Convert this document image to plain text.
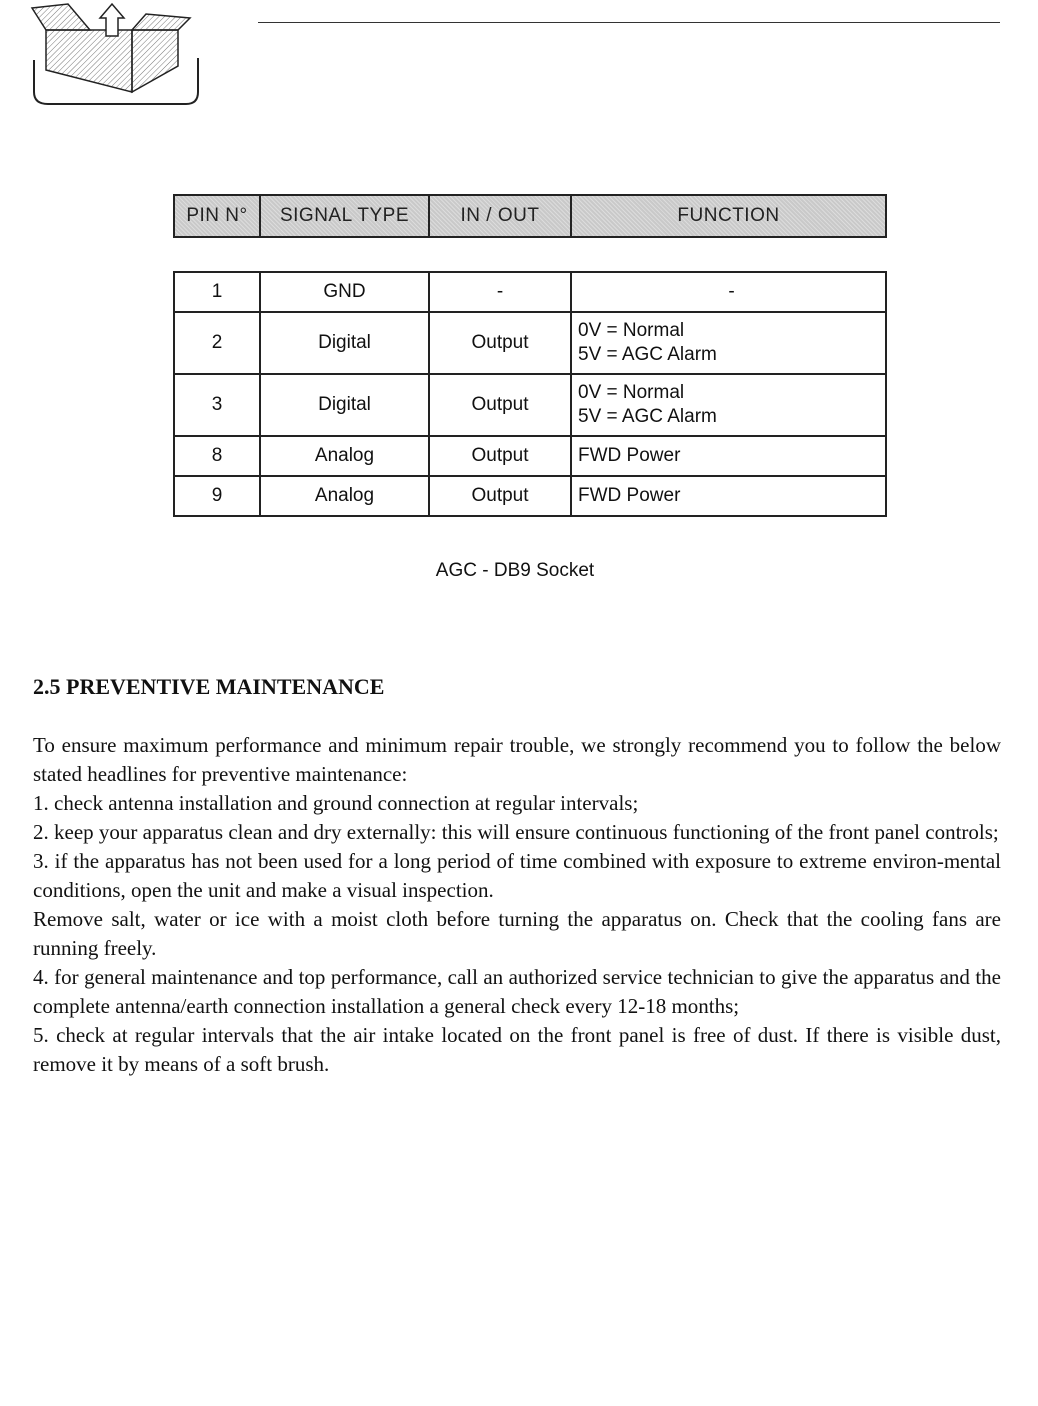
PIN N°	SIGNAL TYPE	IN / OUT	FUNCTION
1	GND	-	-

2	Digital	Output	0V = Normal
5V = AGC Alarm

3	Digital	Output	0V = Normal
5V = AGC Alarm

8	Analog	Output	FWD Power

9	Analog	Output	FWD Power
AGC - DB9 Socket
2.5 PREVENTIVE MAINTENANCE

To ensure maximum performance and minimum repair trouble, we strongly recommend you to follow the below stated headlines for preventive maintenance:

1. check antenna installation and ground connection at regular intervals;

2. keep your apparatus clean and dry externally: this will ensure continuous functioning of the front panel controls;

3. if the apparatus has not been used for a long period of time combined with exposure to extreme environ-mental conditions, open the unit and make a visual inspection.

Remove salt, water or ice with a moist cloth before turning the apparatus on. Check that the cooling fans are running freely.

4. for general maintenance and top performance, call an authorized service technician to give the apparatus and the complete antenna/earth connection installation a general check every 12-18 months;

5. check at regular intervals that the air intake located on the front panel is free of dust. If there is visible dust, remove it by means of a soft brush.
